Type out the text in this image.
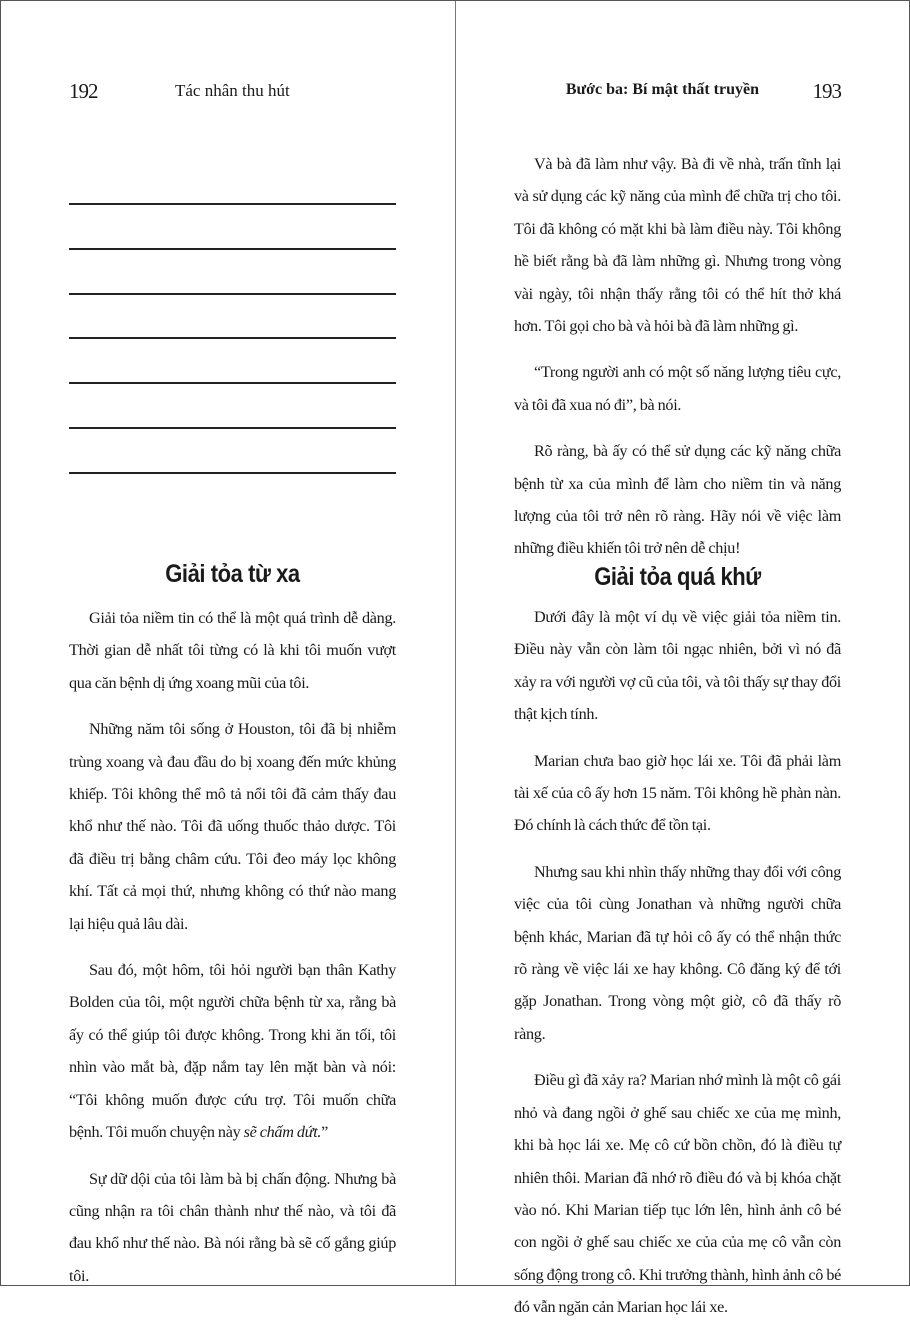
192	Tác nhân thu hút
Giải tỏa từ xa

Giải tỏa niềm tin có thể là một quá trình dễ dàng. Thời gian dễ nhất tôi từng có là khi tôi muốn vượt qua căn bệnh dị ứng xoang mũi của tôi.

Những năm tôi sống ở Houston, tôi đã bị nhiễm trùng xoang và đau đầu do bị xoang đến mức khủng khiếp. Tôi không thể mô tả nổi tôi đã cảm thấy đau khổ như thế nào. Tôi đã uống thuốc thảo dược. Tôi đã điều trị bằng châm cứu. Tôi đeo máy lọc không khí. Tất cả mọi thứ, nhưng không có thứ nào mang lại hiệu quả lâu dài.

Sau đó, một hôm, tôi hỏi người bạn thân Kathy Bolden của tôi, một người chữa bệnh từ xa, rằng bà ấy có thể giúp tôi được không. Trong khi ăn tối, tôi nhìn vào mắt bà, đặp nắm tay lên mặt bàn và nói: “Tôi không muốn được cứu trợ. Tôi muốn chữa bệnh. Tôi muốn chuyện này sẽ chấm dứt.”

Sự dữ dội của tôi làm bà bị chấn động. Nhưng bà cũng nhận ra tôi chân thành như thế nào, và tôi đã đau khổ như thế nào. Bà nói rằng bà sẽ cố gắng giúp tôi.

Bước ba: Bí mật thất truyền	193

Và bà đã làm như vậy. Bà đi về nhà, trấn tĩnh lại và sử dụng các kỹ năng của mình để chữa trị cho tôi. Tôi đã không có mặt khi bà làm điều này. Tôi không hề biết rằng bà đã làm những gì. Nhưng trong vòng vài ngày, tôi nhận thấy rằng tôi có thể hít thở khá hơn. Tôi gọi cho bà và hỏi bà đã làm những gì.

“Trong người anh có một số năng lượng tiêu cực, và tôi đã xua nó đi”, bà nói.

Rõ ràng, bà ấy có thể sử dụng các kỹ năng chữa bệnh từ xa của mình để làm cho niềm tin và năng lượng của tôi trở nên rõ ràng. Hãy nói về việc làm những điều khiến tôi trở nên dễ chịu!

Giải tỏa quá khứ

Dưới đây là một ví dụ về việc giải tỏa niềm tin. Điều này vẫn còn làm tôi ngạc nhiên, bởi vì nó đã xảy ra với người vợ cũ của tôi, và tôi thấy sự thay đổi thật kịch tính.

Marian chưa bao giờ học lái xe. Tôi đã phải làm tài xế của cô ấy hơn 15 năm. Tôi không hề phàn nàn. Đó chính là cách thức để tồn tại.

Nhưng sau khi nhìn thấy những thay đổi với công việc của tôi cùng Jonathan và những người chữa bệnh khác, Marian đã tự hỏi cô ấy có thể nhận thức rõ ràng về việc lái xe hay không. Cô đăng ký để tới gặp Jonathan. Trong vòng một giờ, cô đã thấy rõ ràng.

Điều gì đã xảy ra? Marian nhớ mình là một cô gái nhỏ và đang ngồi ở ghế sau chiếc xe của mẹ mình, khi bà học lái xe. Mẹ cô cứ bồn chồn, đó là điều tự nhiên thôi. Marian đã nhớ rõ điều đó và bị khóa chặt vào nó. Khi Marian tiếp tục lớn lên, hình ảnh cô bé con ngồi ở ghế sau chiếc xe của của mẹ cô vẫn còn sống động trong cô. Khi trưởng thành, hình ảnh cô bé đó vẫn ngăn cản Marian học lái xe.
